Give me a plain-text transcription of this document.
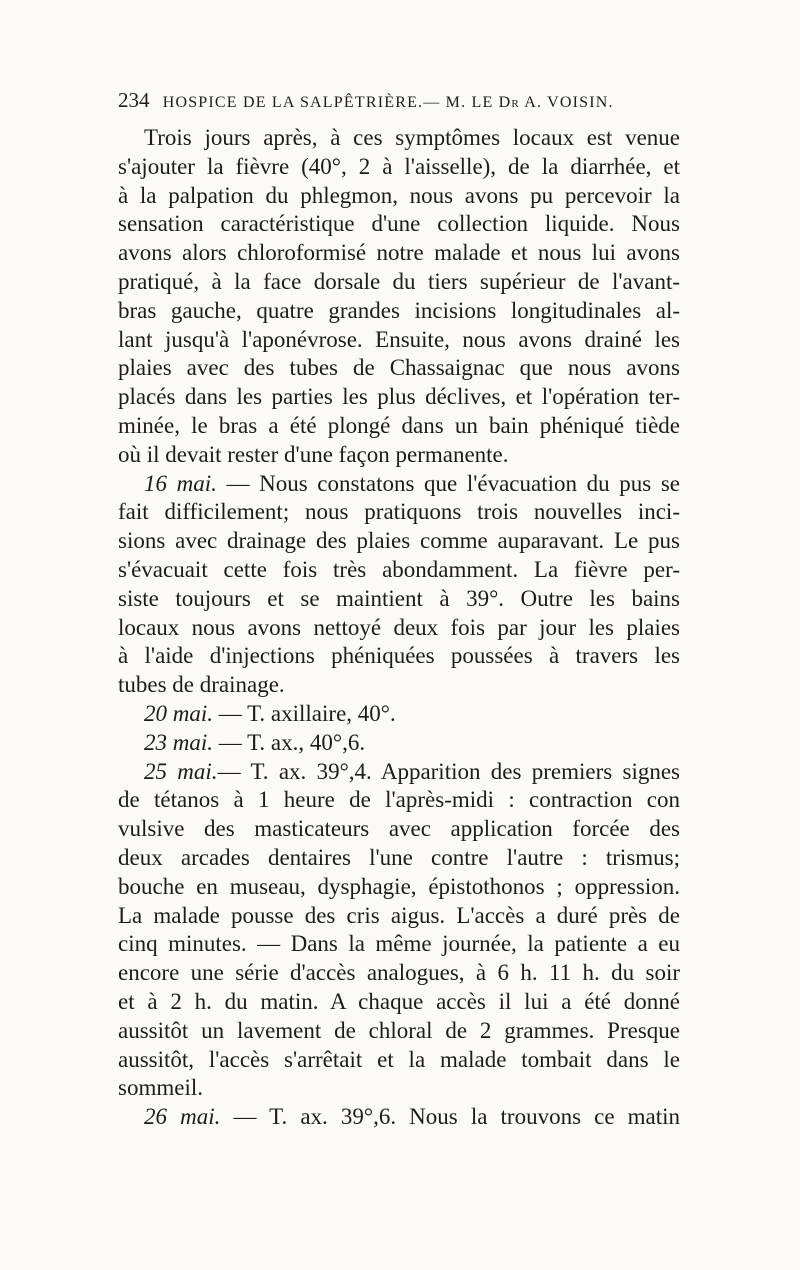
234 HOSPICE DE LA SALPÊTRIÈRE.— M. LE Dr A. VOISIN.
Trois jours après, à ces symptômes locaux est venue
s'ajouter la fièvre (40°, 2 à l'aisselle), de la diarrhée, et
à la palpation du phlegmon, nous avons pu percevoir la
sensation caractéristique d'une collection liquide. Nous
avons alors chloroformisé notre malade et nous lui avons
pratiqué, à la face dorsale du tiers supérieur de l'avant-
bras gauche, quatre grandes incisions longitudinales al-
lant jusqu'à l'aponévrose. Ensuite, nous avons drainé les
plaies avec des tubes de Chassaignac que nous avons
placés dans les parties les plus déclives, et l'opération ter-
minée, le bras a été plongé dans un bain phéniqué tiède
où il devait rester d'une façon permanente.
16 mai. — Nous constatons que l'évacuation du pus se
fait difficilement; nous pratiquons trois nouvelles inci-
sions avec drainage des plaies comme auparavant. Le pus
s'évacuait cette fois très abondamment. La fièvre per-
siste toujours et se maintient à 39°. Outre les bains
locaux nous avons nettoyé deux fois par jour les plaies
à l'aide d'injections phéniquées poussées à travers les
tubes de drainage.
20 mai. — T. axillaire, 40°.
23 mai. — T. ax., 40°,6.
25 mai.— T. ax. 39°,4. Apparition des premiers signes
de tétanos à 1 heure de l'après-midi : contraction con
vulsive des masticateurs avec application forcée des
deux arcades dentaires l'une contre l'autre : trismus;
bouche en museau, dysphagie, épistothonos ; oppression.
La malade pousse des cris aigus. L'accès a duré près de
cinq minutes. — Dans la même journée, la patiente a eu
encore une série d'accès analogues, à 6 h. 11 h. du soir
et à 2 h. du matin. A chaque accès il lui a été donné
aussitôt un lavement de chloral de 2 grammes. Presque
aussitôt, l'accès s'arrêtait et la malade tombait dans le
sommeil.
26 mai. — T. ax. 39°,6. Nous la trouvons ce matin
